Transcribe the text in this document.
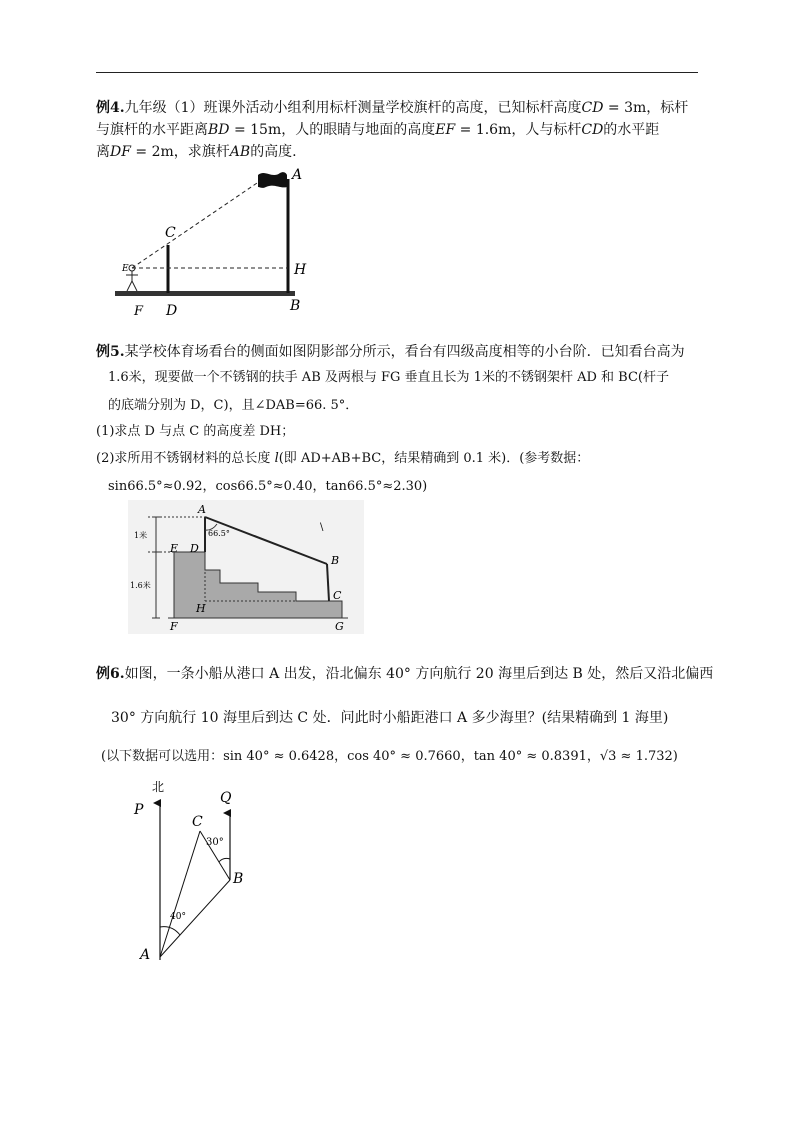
例4.九年级（1）班课外活动小组利用标杆测量学校旗杆的高度，已知标杆高度CD = 3m，标杆
与旗杆的水平距离BD = 15m，人的眼睛与地面的高度EF = 1.6m，人与标杆CD的水平距
离DF = 2m，求旗杆AB的高度.
E
A
C
H
B
F D
例5.某学校体育场看台的侧面如图阴影部分所示，看台有四级高度相等的小台阶．已知看台高为
1.6米，现要做一个不锈钢的扶手 AB 及两根与 FG 垂直且长为 1米的不锈钢架杆 AD 和 BC(杆子
的底端分别为 D，C)，且∠DAB=66. 5°．
(1)求点 D 与点 C 的高度差 DH；
(2)求所用不锈钢材料的总长度 l(即 AD+AB+BC，结果精确到 0.1 米)．(参考数据：
sin66.5°≈0.92，cos66.5°≈0.40，tan66.5°≈2.30)
66.5°
1米
1.6米
A
D
E
B
C
H
F	G
\
例6.如图，一条小船从港口 A 出发，沿北偏东 40° 方向航行 20 海里后到达 B 处，然后又沿北偏西
30° 方向航行 10 海里后到达 C 处．问此时小船距港口 A 多少海里？(结果精确到 1 海里)
(以下数据可以选用：sin 40° ≈ 0.6428，cos 40° ≈ 0.7660，tan 40° ≈ 0.8391，√3 ≈ 1.732)
北
P
Q
C
B
A
30°
40°
